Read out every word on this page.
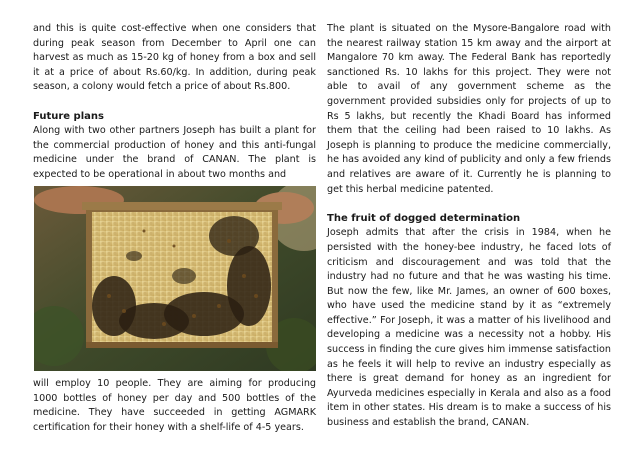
and this is quite cost-effective when one considers that during peak season from December to April one can harvest as much as 15-20 kg of honey from a box and sell it at a price of about Rs.60/kg. In addition, during peak season, a colony would fetch a price of about Rs.800.

Future plans

Along with two other partners Joseph has built a plant for the commercial production of honey and this anti-fungal medicine under the brand of CANAN. The plant is expected to be operational in about two months and

will employ 10 people. They are aiming for producing 1000 bottles of honey per day and 500 bottles of the medicine. They have succeeded in getting AGMARK certification for their honey with a shelf-life of 4-5 years.

The plant is situated on the Mysore-Bangalore road with the nearest railway station 15 km away and the airport at Mangalore 70 km away. The Federal Bank has reportedly sanctioned Rs. 10 lakhs for this project. They were not able to avail of any government scheme as the government provided subsidies only for projects of up to Rs 5 lakhs, but recently the Khadi Board has informed them that the ceiling had been raised to 10 lakhs. As Joseph is planning to produce the medicine commercially, he has avoided any kind of publicity and only a few friends and relatives are aware of it. Currently he is planning to get this herbal medicine patented.

The fruit of dogged determination

Joseph admits that after the crisis in 1984, when he persisted with the honey-bee industry, he faced lots of criticism and discouragement and was told that the industry had no future and that he was wasting his time. But now the few, like Mr. James, an owner of 600 boxes, who have used the medicine stand by it as “extremely effective.” For Joseph, it was a matter of his livelihood and developing a medicine was a necessity not a hobby. His success in finding the cure gives him immense satisfaction as he feels it will help to revive an industry especially as there is great demand for honey as an ingredient for Ayurveda medicines especially in Kerala and also as a food item in other states. His dream is to make a success of his business and establish the brand, CANAN.
